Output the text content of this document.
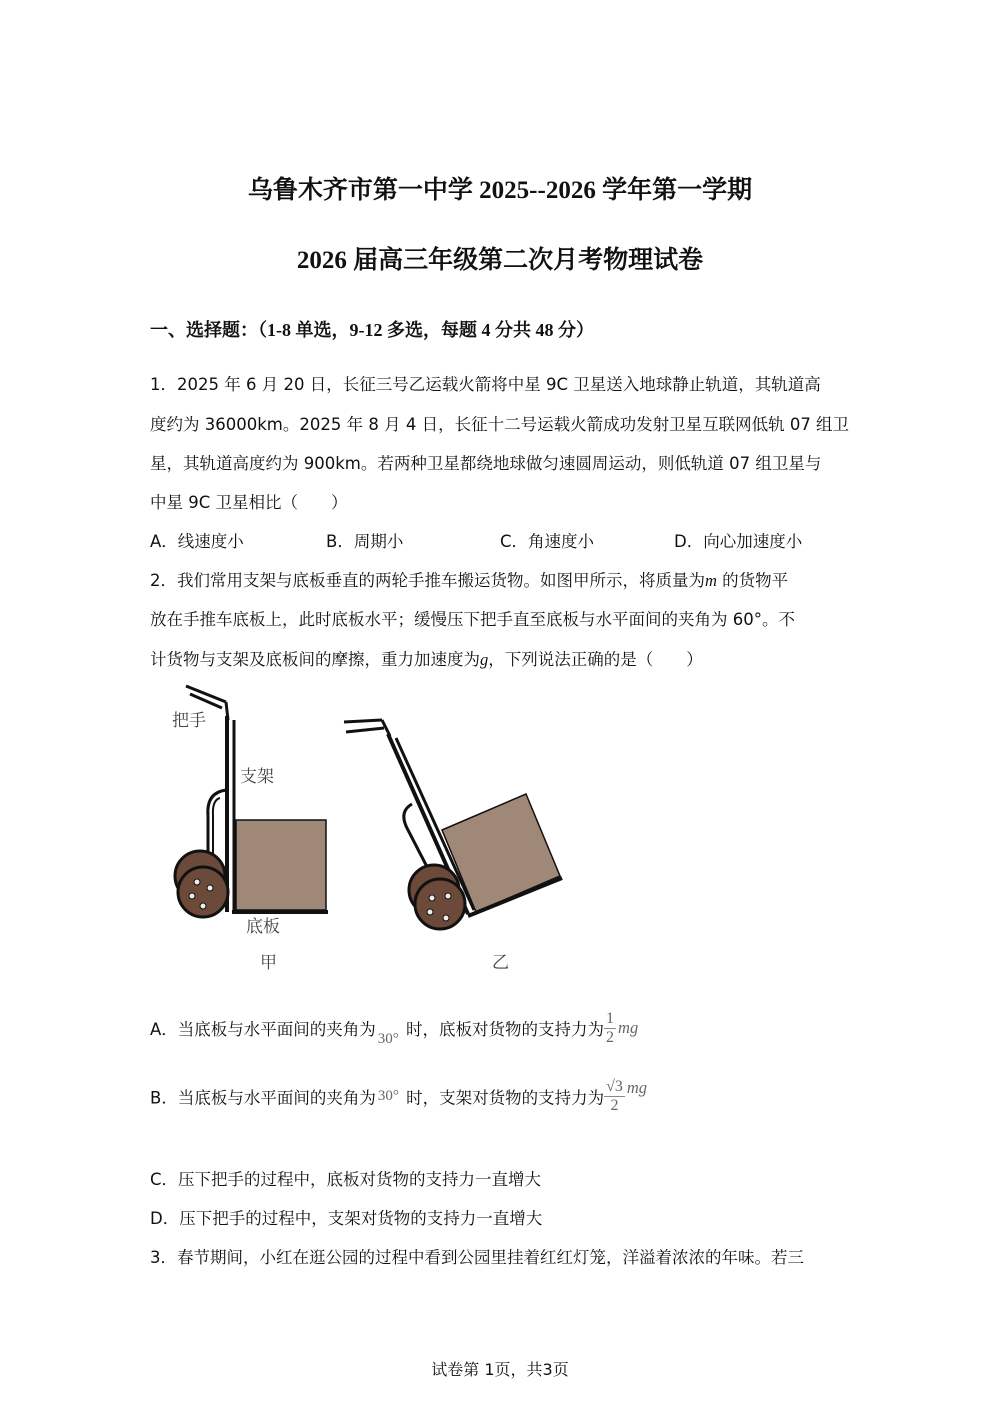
乌鲁木齐市第一中学 2025--2026 学年第一学期
2026 届高三年级第二次月考物理试卷
一、选择题：（1-8 单选，9-12 多选，每题 4 分共 48 分）
1．2025 年 6 月 20 日，长征三号乙运载火箭将中星 9C 卫星送入地球静止轨道，其轨道高
度约为 36000km。2025 年 8 月 4 日，长征十二号运载火箭成功发射卫星互联网低轨 07 组卫
星，其轨道高度约为 900km。若两种卫星都绕地球做匀速圆周运动，则低轨道 07 组卫星与
中星 9C 卫星相比（　　）
A．线速度小	B．周期小	C．角速度小	D．向心加速度小
2．我们常用支架与底板垂直的两轮手推车搬运货物。如图甲所示，将质量为m 的货物平
放在手推车底板上，此时底板水平；缓慢压下把手直至底板与水平面间的夹角为 60°。不
计货物与支架及底板间的摩擦，重力加速度为g，下列说法正确的是（　　）
把手
支架
底板
甲	乙
A．当底板与水平面间的夹角为 30° 时，底板对货物的支持力为 $\frac{1}{2}$ mg
B．当底板与水平面间的夹角为 30° 时，支架对货物的支持力为 $\frac{√3}{2}$ mg
C．压下把手的过程中，底板对货物的支持力一直增大
D．压下把手的过程中，支架对货物的支持力一直增大
3．春节期间，小红在逛公园的过程中看到公园里挂着红红灯笼，洋溢着浓浓的年味。若三
试卷第 1页，共3页
